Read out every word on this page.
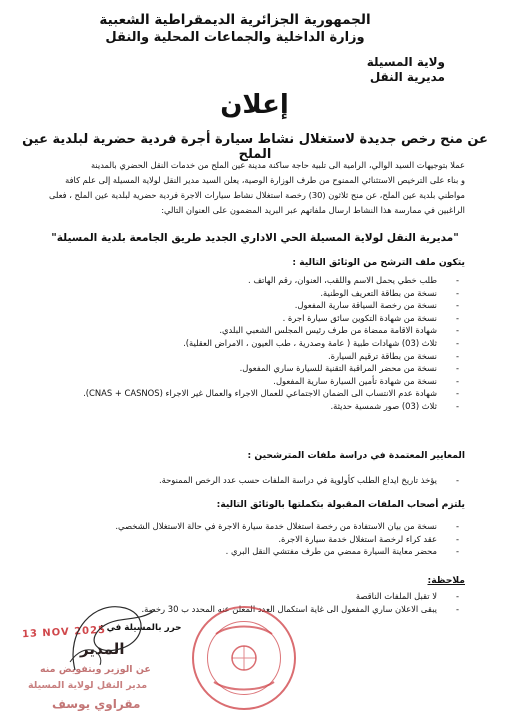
الجمهورية الجزائرية الديمقراطية الشعبية
وزارة الداخلية والجماعات المحلية والنقل
ولاية المسيلة
مديرية النقل
إعلان
عن منح رخص جديدة لاستغلال نشاط سيارة أجرة فردية حضرية لبلدية عين الملح
عملا بتوجيهات السيد الوالي، الرامية الى تلبية حاجة ساكنة مدينة عين الملح من خدمات النقل الحضري بالمدينة
و بناء على الترخيص الاستثنائي الممنوح من طرف الوزارة الوصية، يعلن السيد مدير النقل لولاية المسيلة إلى علم كافة
مواطني بلدية عين الملح، عن منح ثلاثون (30) رخصة استغلال نشاط سيارات الاجرة فردية حضرية لبلدية عين الملح ، فعلى
الراغبين في ممارسة هذا النشاط ارسال ملفاتهم عبر البريد المضمون على العنوان التالي:
"مديرية النقل لولاية المسيلة الحي الاداري الجديد طريق الجامعة بلدية المسيلة"
يتكون ملف الترشح من الوثائق التالية :
- طلب خطي يحمل الاسم واللقب، العنوان، رقم الهاتف .
- نسخة من بطاقة التعريف الوطنية.
- نسخة من رخصة السياقة سارية المفعول.
- نسخة من شهادة التكوين سائق سيارة اجرة .
- شهادة الاقامة ممضاة من طرف رئيس المجلس الشعبي البلدي.
- ثلاث (03) شهادات طبية ( عامة وصدرية ، طب العيون ، الامراض العقلية).
- نسخة من بطاقة ترقيم السيارة.
- نسخة من محضر المراقبة التقنية للسيارة ساري المفعول.
- نسخة من شهادة تأمين السيارة سارية المفعول.
- شهادة عدم الانتساب الى الضمان الاجتماعي للعمال الاجراء والعمال غير الاجراء (CNAS + CASNOS).
- ثلاث (03) صور شمسية حديثة.
المعايير المعتمدة في دراسة ملفات المترشحين :
- يؤخذ تاريخ ايداع الطلب كأولوية في دراسة الملفات حسب عدد الرخص الممنوحة.
يلتزم أصحاب الملفات المقبولة بتكملتها بالوثائق التالية:
- نسخة من بيان الاستفادة من رخصة استغلال خدمة سيارة الاجرة في حالة الاستغلال الشخصي.
- عقد كراء لرخصة استغلال خدمة سيارة الاجرة.
- محضر معاينة السيارة ممضي من طرف مفتشي النقل البري .
ملاحظة:
- لا تقبل الملفات الناقصة
- يبقى الاعلان ساري المفعول الى غاية استكمال العدد المعلن عنه المحدد ب 30 رخصة.
حرر بالمسيلة في :
13 NOV 2025
المدير
عن الوزير وبتفويض منه
مدير النقل لولاية المسيلة
مقراوي يوسف
